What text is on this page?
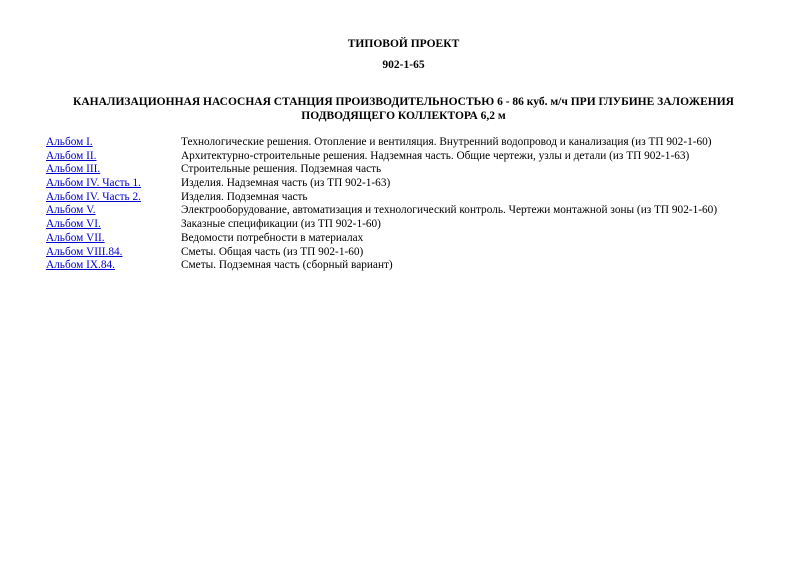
ТИПОВОЙ ПРОЕКТ

902-1-65

КАНАЛИЗАЦИОННАЯ НАСОСНАЯ СТАНЦИЯ ПРОИЗВОДИТЕЛЬНОСТЬЮ 6 - 86 куб. м/ч ПРИ ГЛУБИНЕ ЗАЛОЖЕНИЯ ПОДВОДЯЩЕГО КОЛЛЕКТОРА 6,2 м

Альбом I.	Технологические решения. Отопление и вентиляция. Внутренний водопровод и канализация (из ТП 902-1-60)
Альбом II.	Архитектурно-строительные решения. Надземная часть. Общие чертежи, узлы и детали (из ТП 902-1-63)
Альбом III.	Строительные решения. Подземная часть
Альбом IV. Часть 1.	Изделия. Надземная часть (из ТП 902-1-63)
Альбом IV. Часть 2.	Изделия. Подземная часть
Альбом V.	Электрооборудование, автоматизация и технологический контроль. Чертежи монтажной зоны (из ТП 902-1-60)
Альбом VI.	Заказные спецификации (из ТП 902-1-60)
Альбом VII.	Ведомости потребности в материалах
Альбом VIII.84.	Сметы. Общая часть (из ТП 902-1-60)
Альбом IX.84.	Сметы. Подземная часть (сборный вариант)
